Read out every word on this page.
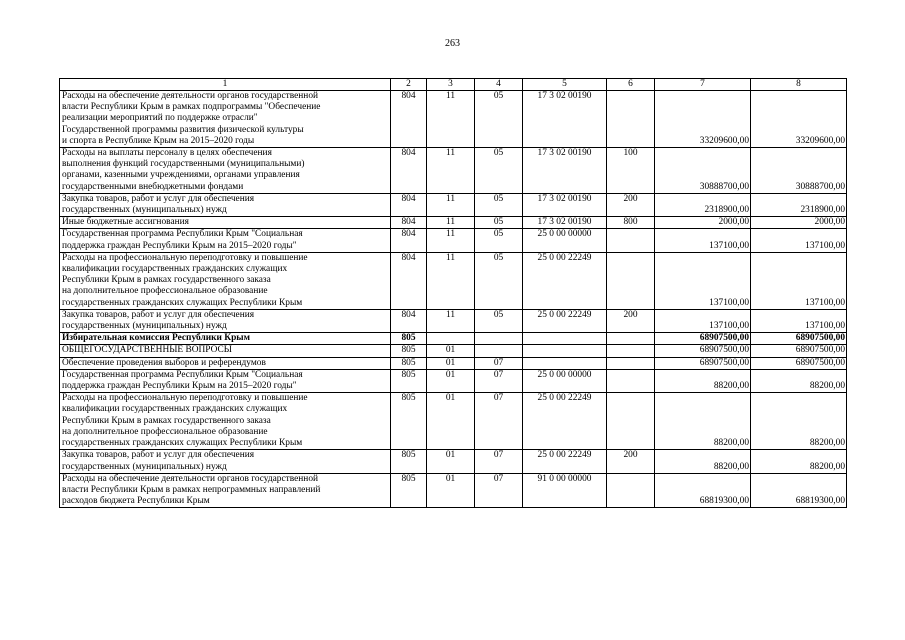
263
1	2	3	4	5	6	7	8

Расходы на обеспечение деятельности органов государственной
власти Республики Крым в рамках подпрограммы "Обеспечение
реализации мероприятий по поддержке отрасли"
Государственной программы развития физической культуры
и спорта в Республике Крым на 2015–2020 годы	804	11	05	17 3 02 00190		33209600,00	33209600,00

Расходы на выплаты персоналу в целях обеспечения
выполнения функций государственными (муниципальными)
органами, казенными учреждениями, органами управления
государственными внебюджетными фондами	804	11	05	17 3 02 00190	100	30888700,00	30888700,00

Закупка товаров, работ и услуг для обеспечения
государственных (муниципальных) нужд	804	11	05	17 3 02 00190	200	2318900,00	2318900,00

Иные бюджетные ассигнования	804	11	05	17 3 02 00190	800	2000,00	2000,00

Государственная программа Республики Крым "Социальная
поддержка граждан Республики Крым на 2015–2020 годы"	804	11	05	25 0 00 00000		137100,00	137100,00

Расходы на профессиональную переподготовку и повышение
квалификации государственных гражданских служащих
Республики Крым в рамках государственного заказа
на дополнительное профессиональное образование
государственных гражданских служащих Республики Крым	804	11	05	25 0 00 22249		137100,00	137100,00

Закупка товаров, работ и услуг для обеспечения
государственных (муниципальных) нужд	804	11	05	25 0 00 22249	200	137100,00	137100,00

Избирательная комиссия Республики Крым	805					68907500,00	68907500,00

ОБЩЕГОСУДАРСТВЕННЫЕ ВОПРОСЫ	805	01				68907500,00	68907500,00

Обеспечение проведения выборов и референдумов	805	01	07			68907500,00	68907500,00

Государственная программа Республики Крым "Социальная
поддержка граждан Республики Крым на 2015–2020 годы"	805	01	07	25 0 00 00000		88200,00	88200,00

Расходы на профессиональную переподготовку и повышение
квалификации государственных гражданских служащих
Республики Крым в рамках государственного заказа
на дополнительное профессиональное образование
государственных гражданских служащих Республики Крым	805	01	07	25 0 00 22249		88200,00	88200,00

Закупка товаров, работ и услуг для обеспечения
государственных (муниципальных) нужд	805	01	07	25 0 00 22249	200	88200,00	88200,00

Расходы на обеспечение деятельности органов государственной
власти Республики Крым в рамках непрограммных направлений
расходов бюджета Республики Крым	805	01	07	91 0 00 00000		68819300,00	68819300,00
